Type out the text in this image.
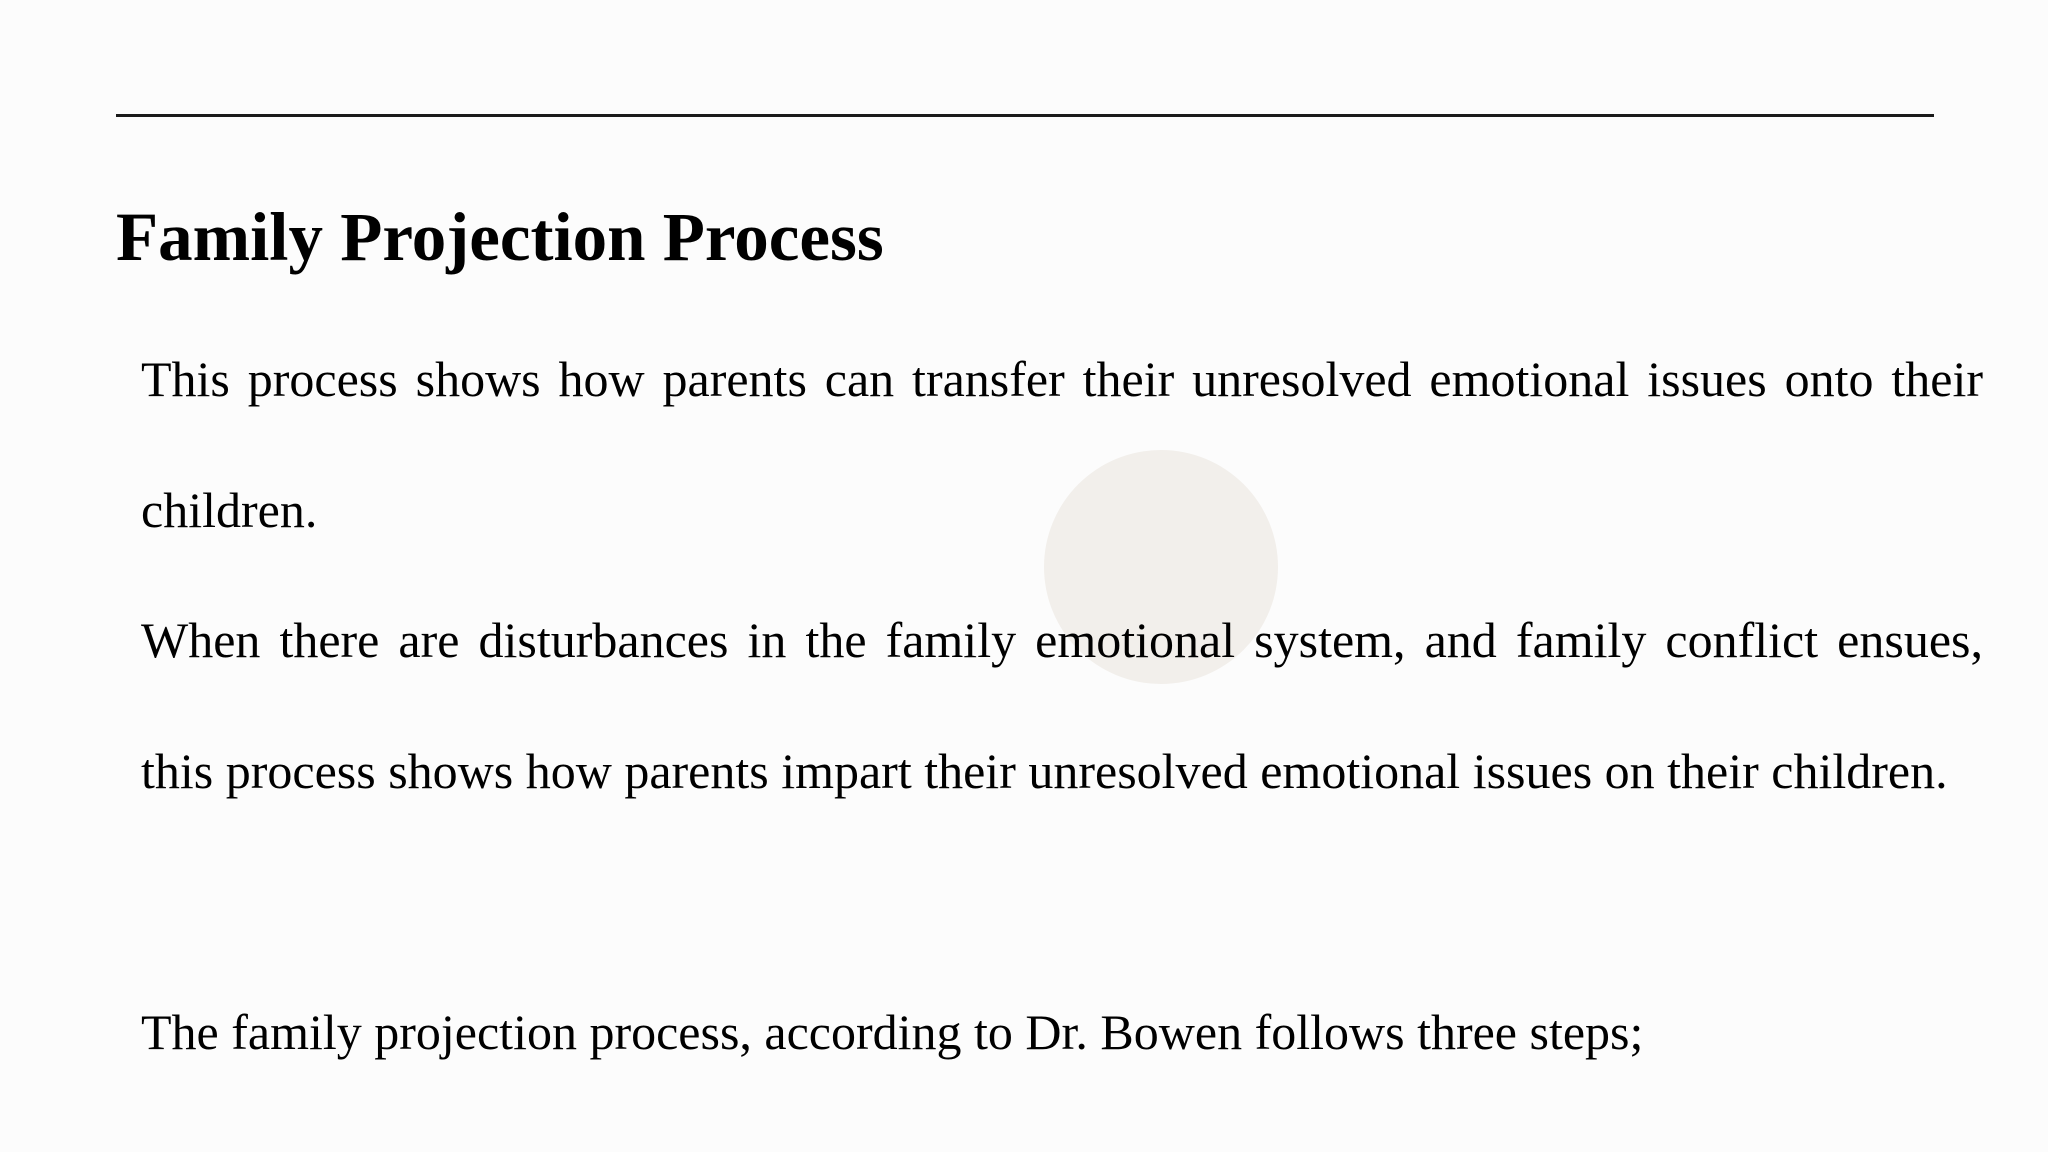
Family Projection Process

This process shows how parents can transfer their unresolved emotional issues onto their children.

When there are disturbances in the family emotional system, and family conflict ensues, this process shows how parents impart their unresolved emotional issues on their children.

The family projection process, according to Dr. Bowen follows three steps;
